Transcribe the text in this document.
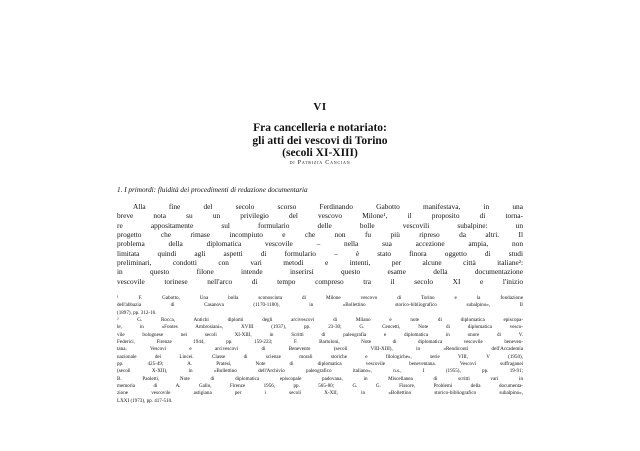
VI
Fra cancelleria e notariato:
gli atti dei vescovi di Torino
(secoli XI-XIII)
di Patrizia Cancian
1. I primordi: fluidità dei procedimenti di redazione documentaria
Alla fine del secolo scorso Ferdinando Gabotto manifestava, in una
breve nota su un privilegio del vescovo Milone¹, il proposito di torna-
re appositamente sul formulario delle bolle vescovili subalpine: un
progetto che rimase incompiuto e che non fu più ripreso da altri. Il
problema della diplomatica vescovile – nella sua accezione ampia, non
limitata quindi agli aspetti di formulario – è stato finora oggetto di studi
preliminari, condotti con vari metodi e intenti, per alcune città italiane²:
in questo filone intende inserirsi questo esame della documentazione
vescovile torinese nell'arco di tempo compreso tra il secolo XI e l'inizio
¹ F. Gabotto, Una bolla sconosciuta di Milone vescovo di Torino e la fondazione
dell'abbazia di Casanova (1170-1180), in «Bollettino storico-bibliografico subalpino», II
(1897), pp. 312-16.
² G. Rocca, Antichi diplomi degli arcivescovi di Milano e note di diplomatica episcopa-
le, in «Fontes Ambrosiani», XVIII (1937), pp. 23-30; G. Cencetti, Note di diplomatica vesco-
vile bolognese nei secoli XI-XIII, in Scritti di paleografia e diplomatica in onore di V.
Federici, Firenze 1944, pp. 159-223; F. Bartoloni, Note di diplomatica vescovile beneven-
tana. Vescovi e arcivescovi di Benevento (secoli VIII-XIII), in «Rendiconti dell'Accademia
nazionale dei Lincei. Classe di scienze morali storiche e filologiche», serie VIII, V (1950),
pp. 425-49; A. Pratesi, Note di diplomatica vescovile beneventana. Vescovi suffraganei
(secoli X-XII), in «Bullettino dell'Archivio paleografico italiano», n.s., I (1955), pp. 19-91;
B. Paoletti, Note di diplomatica episcopale padovana, in Miscellanea di scritti vari in
memoria di A. Gallo, Firenze 1956, pp. 565-80; G. G. Fissore, Problemi della documenta-
zione vescovile astigiana per i secoli X-XII, in «Bollettino storico-bibliografico subalpino»,
LXXI (1973), pp. 417-510.
